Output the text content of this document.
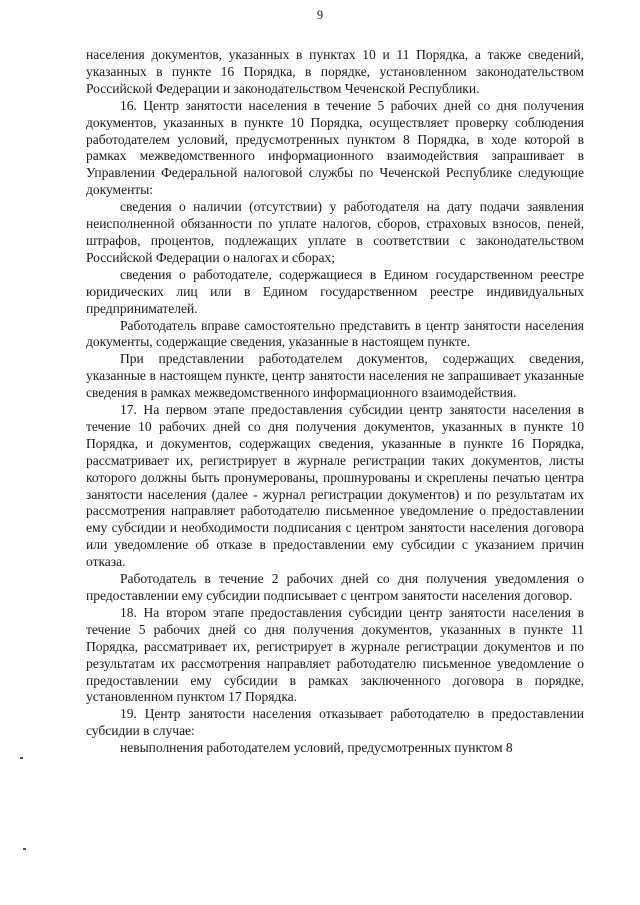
9

населения документов, указанных в пунктах 10 и 11 Порядка, а также сведений, указанных в пункте 16 Порядка, в порядке, установленном законодательством Российской Федерации и законодательством Чеченской Республики.

16. Центр занятости населения в течение 5 рабочих дней со дня получения документов, указанных в пункте 10 Порядка, осуществляет проверку соблюдения работодателем условий, предусмотренных пунктом 8 Порядка, в ходе которой в рамках межведомственного информационного взаимодействия запрашивает в Управлении Федеральной налоговой службы по Чеченской Республике следующие документы:

сведения о наличии (отсутствии) у работодателя на дату подачи заявления неисполненной обязанности по уплате налогов, сборов, страховых взносов, пеней, штрафов, процентов, подлежащих уплате в соответствии с законодательством Российской Федерации о налогах и сборах;

сведения о работодателе, содержащиеся в Едином государственном реестре юридических лиц или в Едином государственном реестре индивидуальных предпринимателей.

Работодатель вправе самостоятельно представить в центр занятости населения документы, содержащие сведения, указанные в настоящем пункте.

При представлении работодателем документов, содержащих сведения, указанные в настоящем пункте, центр занятости населения не запрашивает указанные сведения в рамках межведомственного информационного взаимодействия.

17. На первом этапе предоставления субсидии центр занятости населения в течение 10 рабочих дней со дня получения документов, указанных в пункте 10 Порядка, и документов, содержащих сведения, указанные в пункте 16 Порядка, рассматривает их, регистрирует в журнале регистрации таких документов, листы которого должны быть пронумерованы, прошнурованы и скреплены печатью центра занятости населения (далее - журнал регистрации документов) и по результатам их рассмотрения направляет работодателю письменное уведомление о предоставлении ему субсидии и необходимости подписания с центром занятости населения договора или уведомление об отказе в предоставлении ему субсидии с указанием причин отказа.

Работодатель в течение 2 рабочих дней со дня получения уведомления о предоставлении ему субсидии подписывает с центром занятости населения договор.

18. На втором этапе предоставления субсидии центр занятости населения в течение 5 рабочих дней со дня получения документов, указанных в пункте 11 Порядка, рассматривает их, регистрирует в журнале регистрации документов и по результатам их рассмотрения направляет работодателю письменное уведомление о предоставлении ему субсидии в рамках заключенного договора в порядке, установленном пунктом 17 Порядка.

19. Центр занятости населения отказывает работодателю в предоставлении субсидии в случае:

невыполнения работодателем условий, предусмотренных пунктом 8
